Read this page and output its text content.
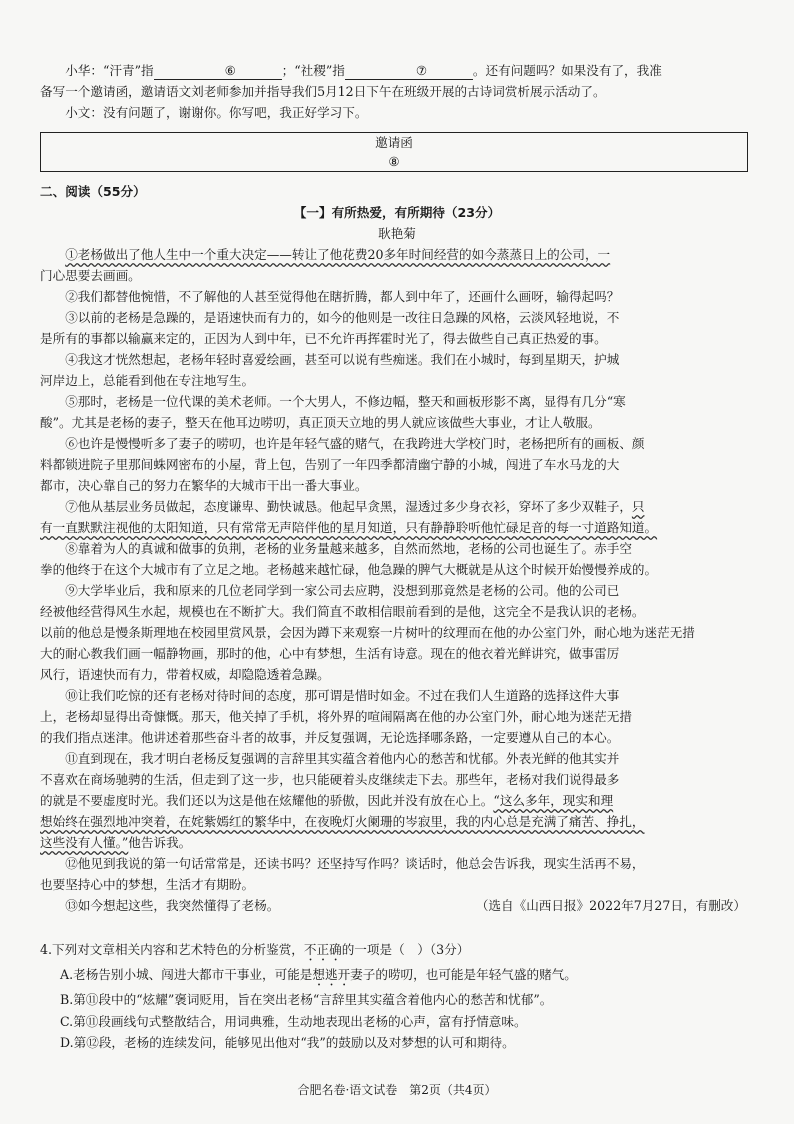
小华：“汗青”指	⑥	；“社稷”指	⑦	。还有问题吗？如果没有了，我准

备写一个邀请函，邀请语文刘老师参加并指导我们5月12日下午在班级开展的古诗词赏析展示活动了。

小文：没有问题了，谢谢你。你写吧，我正好学习下。

邀请函
⑧
二、阅读（55分）
【一】有所热爱，有所期待（23分）
耿艳菊

①老杨做出了他人生中一个重大决定——转让了他花费20多年时间经营的如今蒸蒸日上的公司，一

门心思要去画画。

②我们都替他惋惜，不了解他的人甚至觉得他在瞎折腾，都人到中年了，还画什么画呀，输得起吗？

③以前的老杨是急躁的，是语速快而有力的，如今的他则是一改往日急躁的风格，云淡风轻地说，不

是所有的事都以输赢来定的，正因为人到中年，已不允许再挥霍时光了，得去做些自己真正热爱的事。

④我这才恍然想起，老杨年轻时喜爱绘画，甚至可以说有些痴迷。我们在小城时，每到星期天，护城

河岸边上，总能看到他在专注地写生。

⑤那时，老杨是一位代课的美术老师。一个大男人，不修边幅，整天和画板形影不离，显得有几分“寒

酸”。尤其是老杨的妻子，整天在他耳边唠叨，真正顶天立地的男人就应该做些大事业，才让人敬服。

⑥也许是慢慢听多了妻子的唠叨，也许是年轻气盛的赌气，在我跨进大学校门时，老杨把所有的画板、颜

料都锁进院子里那间蛛网密布的小屋，背上包，告别了一年四季都清幽宁静的小城，闯进了车水马龙的大

都市，决心靠自己的努力在繁华的大城市干出一番大事业。

⑦他从基层业务员做起，态度谦卑、勤快诚恳。他起早贪黑，湿透过多少身衣衫，穿坏了多少双鞋子，只

有一直默默注视他的太阳知道，只有常常无声陪伴他的星月知道，只有静静聆听他忙碌足音的每一寸道路知道。

⑧靠着为人的真诚和做事的负荆，老杨的业务量越来越多，自然而然地，老杨的公司也诞生了。赤手空

拳的他终于在这个大城市有了立足之地。老杨越来越忙碌，他急躁的脾气大概就是从这个时候开始慢慢养成的。

⑨大学毕业后，我和原来的几位老同学到一家公司去应聘，没想到那竟然是老杨的公司。他的公司已

经被他经营得风生水起，规模也在不断扩大。我们简直不敢相信眼前看到的是他，这完全不是我认识的老杨。

以前的他总是慢条斯理地在校园里赏风景，会因为蹲下来观察一片树叶的纹理而在他的办公室门外，耐心地为迷茫无措

大的耐心教我们画一幅静物画，那时的他，心中有梦想，生活有诗意。现在的他衣着光鲜讲究，做事雷厉

风行，语速快而有力，带着权威，却隐隐透着急躁。

⑩让我们吃惊的还有老杨对待时间的态度，那可谓是惜时如金。不过在我们人生道路的选择这件大事

上，老杨却显得出奇慷慨。那天，他关掉了手机，将外界的喧闹隔离在他的办公室门外，耐心地为迷茫无措

的我们指点迷津。他讲述着那些奋斗者的故事，并反复强调，无论选择哪条路，一定要遵从自己的本心。

⑪直到现在，我才明白老杨反复强调的言辞里其实蕴含着他内心的愁苦和忧郁。外表光鲜的他其实并

不喜欢在商场驰骋的生活，但走到了这一步，也只能硬着头皮继续走下去。那些年，老杨对我们说得最多

的就是不要虚度时光。我们还以为这是他在炫耀他的骄傲，因此并没有放在心上。“这么多年，现实和理

想始终在强烈地冲突着，在姹紫嫣红的繁华中，在夜晚灯火阑珊的岑寂里，我的内心总是充满了痛苦、挣扎，

这些没有人懂。”他告诉我。

⑫他见到我说的第一句话常常是，还读书吗？还坚持写作吗？谈话时，他总会告诉我，现实生活再不易，

也要坚持心中的梦想，生活才有期盼。

⑬如今想起这些，我突然懂得了老杨。	（选自《山西日报》2022年7月27日，有删改）

4.下列对文章相关内容和艺术特色的分析鉴赏，不正确的一项是（　）（3分）

A.老杨告别小城、闯进大都市干事业，可能是想逃开妻子的唠叨，也可能是年轻气盛的赌气。

B.第⑪段中的“炫耀”褒词贬用，旨在突出老杨“言辞里其实蕴含着他内心的愁苦和忧郁”。

C.第⑪段画线句式整散结合，用词典雅，生动地表现出老杨的心声，富有抒情意味。

D.第⑫段，老杨的连续发问，能够见出他对“我”的鼓励以及对梦想的认可和期待。

合肥名卷·语文试卷　第2页（共4页）
